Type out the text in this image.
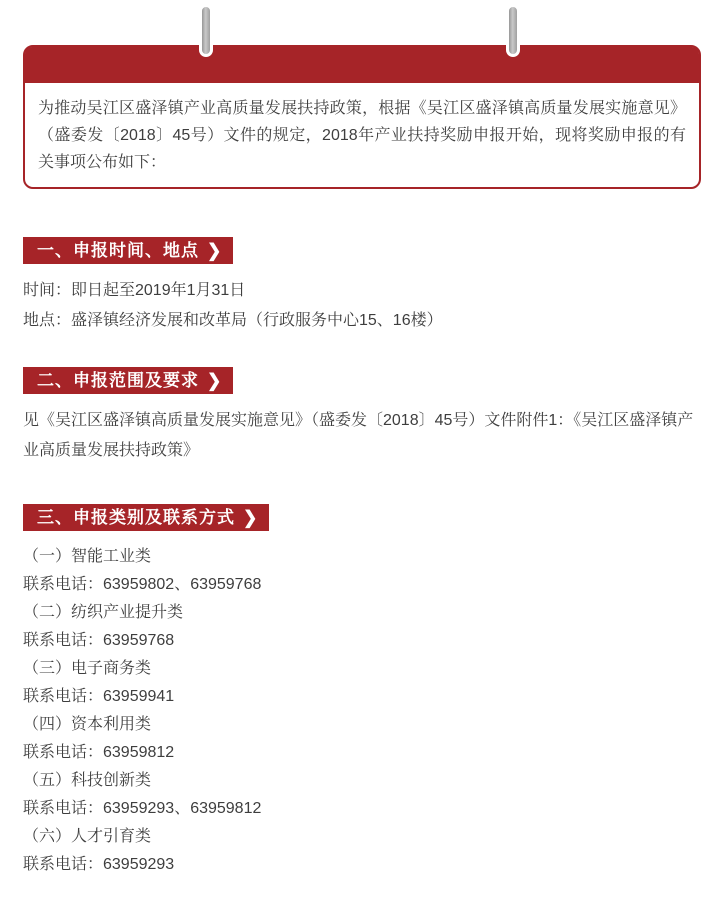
为推动吴江区盛泽镇产业高质量发展扶持政策，根据《吴江区盛泽镇高质量发展实施意见》（盛委发〔2018〕45号）文件的规定，2018年产业扶持奖励申报开始，现将奖励申报的有关事项公布如下：

一、申报时间、地点 ❯

时间：即日起至2019年1月31日

地点：盛泽镇经济发展和改革局（行政服务中心15、16楼）

二、申报范围及要求 ❯

见《吴江区盛泽镇高质量发展实施意见》（盛委发〔2018〕45号）文件附件1：《吴江区盛泽镇产业高质量发展扶持政策》

三、申报类别及联系方式 ❯

（一）智能工业类

联系电话：63959802、63959768

（二）纺织产业提升类

联系电话：63959768

（三）电子商务类

联系电话：63959941

（四）资本利用类

联系电话：63959812

（五）科技创新类

联系电话：63959293、63959812

（六）人才引育类

联系电话：63959293
